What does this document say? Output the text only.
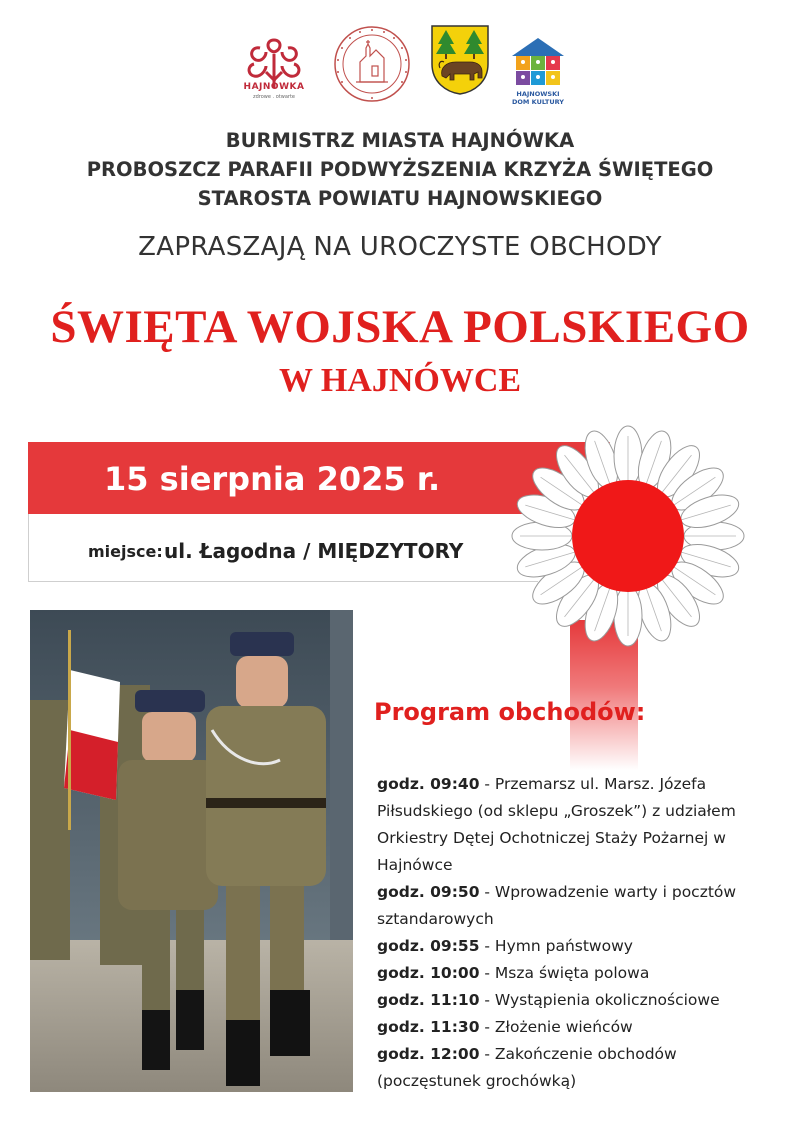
HAJNÓWKA
zdrowe . otwarte	HAJNOWSKI
DOM KULTURY
BURMISTRZ MIASTA HAJNÓWKA
PROBOSZCZ PARAFII PODWYŻSZENIA KRZYŻA ŚWIĘTEGO
STAROSTA POWIATU HAJNOWSKIEGO
ZAPRASZAJĄ NA UROCZYSTE OBCHODY
ŚWIĘTA WOJSKA POLSKIEGO
W HAJNÓWCE
15 sierpnia 2025 r.
miejsce: ul. Łagodna / MIĘDZYTORY
Program obchodów:
godz. 09:40 - Przemarsz ul. Marsz. Józefa Piłsudskiego (od sklepu „Groszek”) z udziałem Orkiestry Dętej Ochotniczej Staży Pożarnej w Hajnówce
godz. 09:50 - Wprowadzenie warty i pocztów sztandarowych
godz. 09:55 - Hymn państwowy
godz. 10:00 - Msza święta polowa
godz. 11:10 - Wystąpienia okolicznościowe
godz. 11:30 - Złożenie wieńców
godz. 12:00 - Zakończenie obchodów (poczęstunek grochówką)
